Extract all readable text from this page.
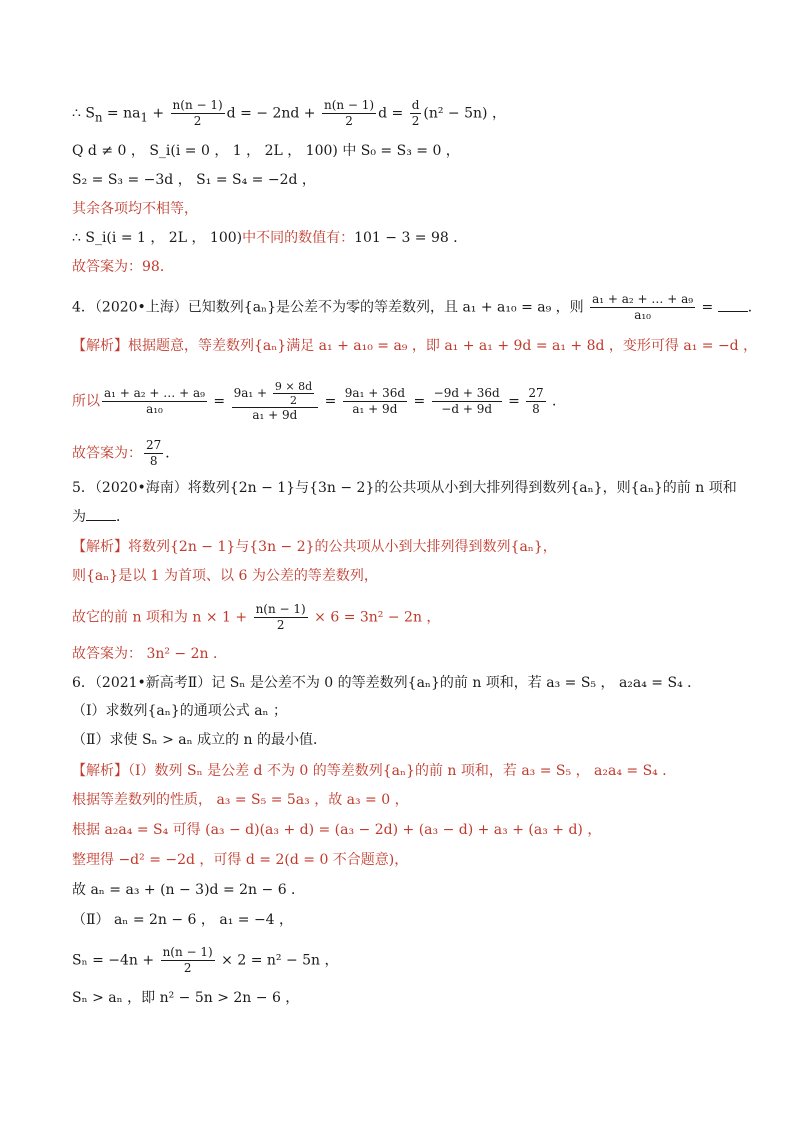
∴ $S_n = na_1 + \frac{n(n - 1)}{2}$ d = − $2nd + \frac{n(n - 1)}{2}$ $d = \frac{d}{2} (n^2 - 5n)$ ，
Q d ≠ 0 ， S_i(i = 0 ， 1 ， 2L ， 100) 中 S₀ = S₃ = 0 ，
S₂ = S₃ = −3d ， S₁ = S₄ = −2d ，
其余各项均不相等，
∴ S_i(i = 1 ， 2L ， 100)中不同的数值有：101 − 3 = 98 ．
故答案为：98．
4．（2020•上海）已知数列{aₙ}是公差不为零的等差数列，且 a₁ + a₁₀ = a₉ ，则 $\frac{\text{a₁ + a₂ + … + a₉}}{\text{a₁₀}}$ = ．
【解析】根据题意，等差数列{aₙ}满足 a₁ + a₁₀ = a₉ ，即 a₁ + a₁ + 9d = a₁ + 8d ，变形可得 a₁ = −d ，
所以 $\frac{\text{a₁ + a₂ + … + a₉}}{\text{a₁₀}} = \frac{9a_1 + \frac{9 \times 8d}{2}}{\text{a₁ + 9d}} = \frac{\text{9a₁ + 36d}}{\text{a₁ + 9d}} = \frac{-9d + 36d}{-d + 9d} = \frac{27}{8}$ ．
故答案为： $\frac{27}{8}$ ．
5．（2020•海南）将数列{2n − 1}与{3n − 2}的公共项从小到大排列得到数列{aₙ}，则{aₙ}的前 n 项和
为 ．
【解析】将数列{2n − 1}与{3n − 2}的公共项从小到大排列得到数列{aₙ}，
则{aₙ}是以 1 为首项、以 6 为公差的等差数列，
故它的前 n 项和为 $n \times 1 + \frac{n(n - 1)}{2} \times 6 = 3n^2 - 2n$ ，
故答案为： 3n² − 2n ．
6．（2021•新高考Ⅱ）记 Sₙ 是公差不为 0 的等差数列{aₙ}的前 n 项和，若 a₃ = S₅ ， a₂a₄ = S₄ ．
（Ⅰ）求数列{aₙ}的通项公式 aₙ ；
（Ⅱ）求使 Sₙ > aₙ 成立的 n 的最小值．
【解析】（Ⅰ）数列 Sₙ 是公差 d 不为 0 的等差数列{aₙ}的前 n 项和，若 a₃ = S₅ ， a₂a₄ = S₄ ．
根据等差数列的性质， a₃ = S₅ = 5a₃ ，故 a₃ = 0 ，
根据 a₂a₄ = S₄ 可得 (a₃ − d)(a₃ + d) = (a₃ − 2d) + (a₃ − d) + a₃ + (a₃ + d) ，
整理得 −d² = −2d ，可得 d = 2(d = 0 不合题意)，
故 aₙ = a₃ + (n − 3)d = 2n − 6 ．
（Ⅱ） aₙ = 2n − 6 ， a₁ = −4 ，
$S_n = -4n + \frac{n(n - 1)}{2} \times 2 = n^2 - 5n$ ，
Sₙ > aₙ ，即 n² − 5n > 2n − 6 ，
